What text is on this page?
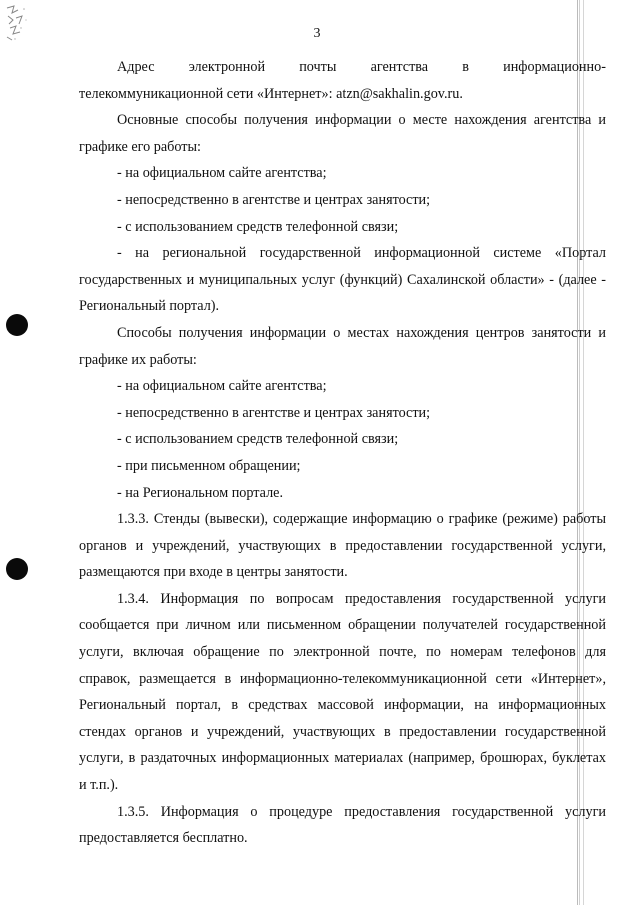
3
Адрес электронной почты агентства в информационно-
телекоммуникационной сети «Интернет»: atzn@sakhalin.gov.ru.

Основные способы получения информации о месте нахождения агентства и графике его работы:

- на официальном сайте агентства;

- непосредственно в агентстве и центрах занятости;

- с использованием средств телефонной связи;

- на региональной государственной информационной системе «Портал государственных и муниципальных услуг (функций) Сахалинской области» - (далее - Региональный портал).

Способы получения информации о местах нахождения центров занятости и графике их работы:

- на официальном сайте агентства;

- непосредственно в агентстве и центрах занятости;

- с использованием средств телефонной связи;

- при письменном обращении;

- на Региональном портале.

1.3.3. Стенды (вывески), содержащие информацию о графике (режиме) работы органов и учреждений, участвующих в предоставлении государственной услуги, размещаются при входе в центры занятости.

1.3.4. Информация по вопросам предоставления государственной услуги сообщается при личном или письменном обращении получателей государственной услуги, включая обращение по электронной почте, по номерам телефонов для справок, размещается в информационно-телекоммуникационной сети «Интернет», Региональный портал, в средствах массовой информации, на информационных стендах органов и учреждений, участвующих в предоставлении государственной услуги, в раздаточных информационных материалах (например, брошюрах, буклетах и т.п.).

1.3.5. Информация о процедуре предоставления государственной услуги предоставляется бесплатно.
